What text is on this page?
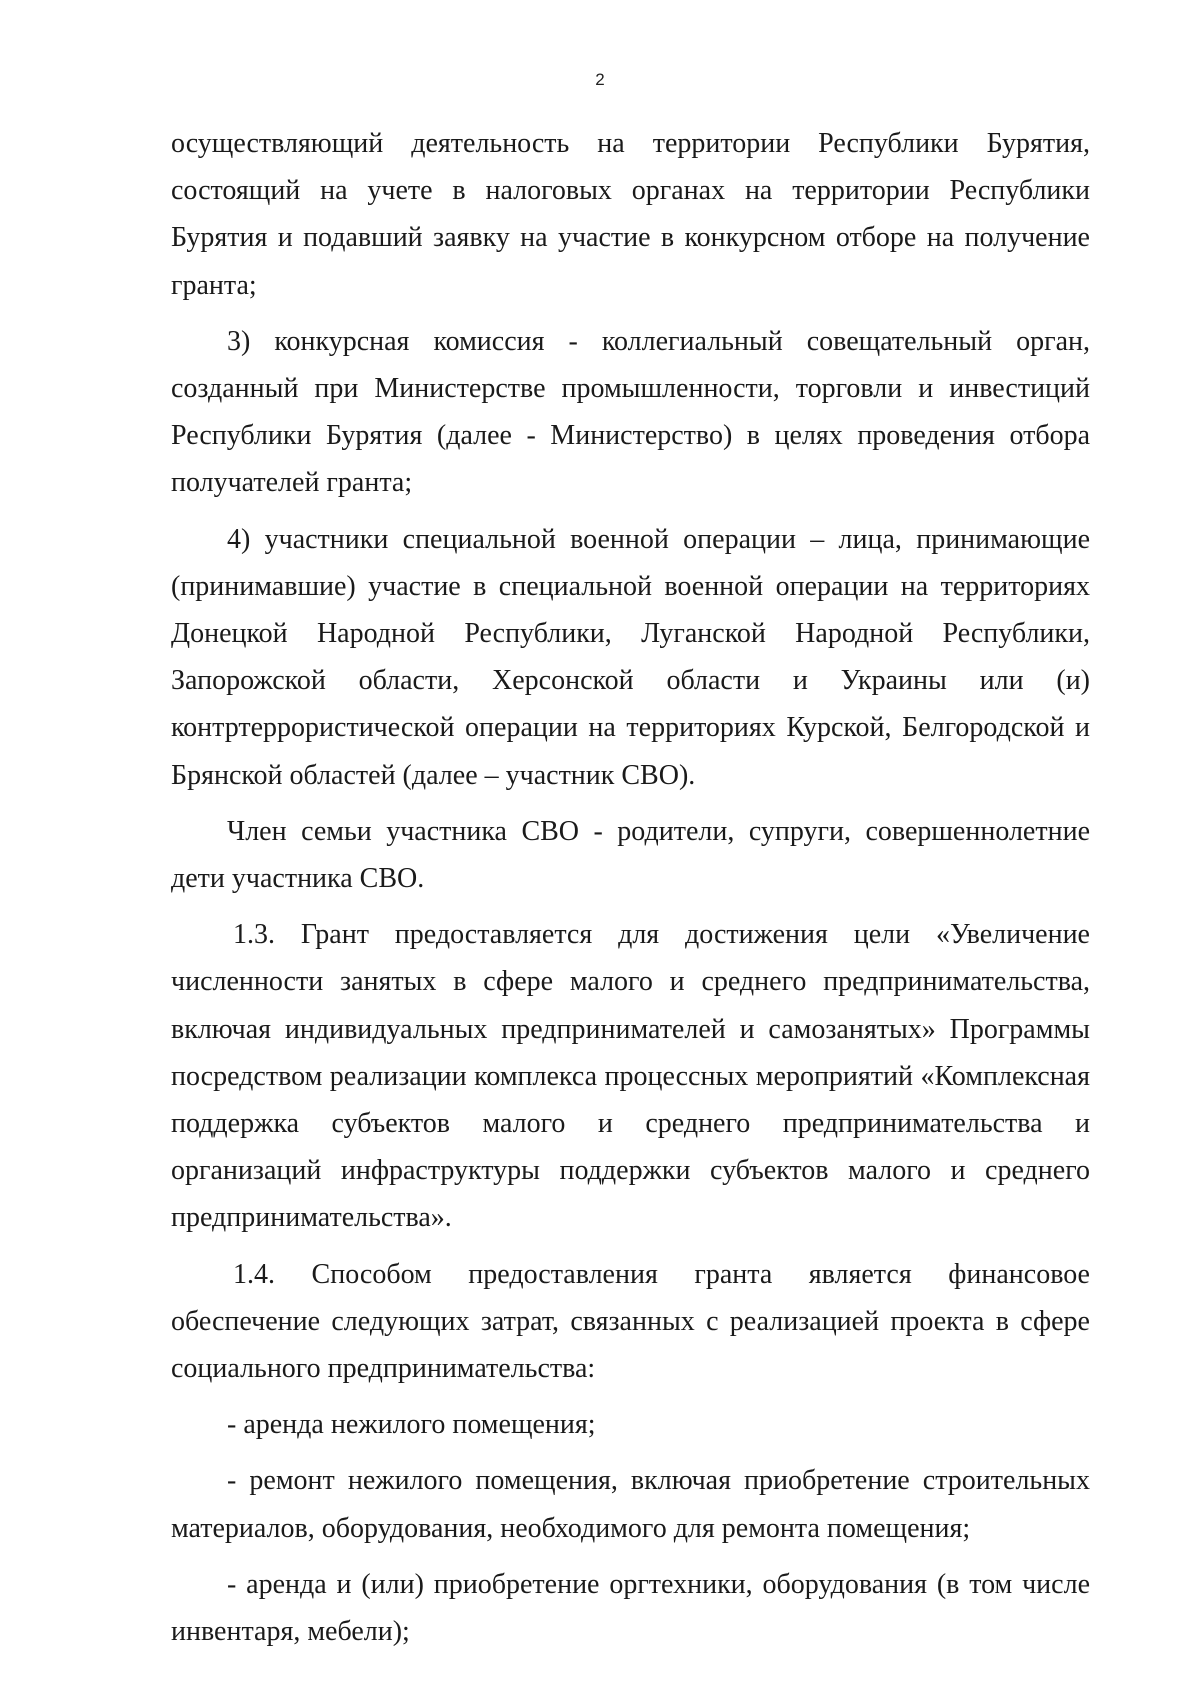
2

осуществляющий деятельность на территории Республики Бурятия, состоящий на учете в налоговых органах на территории Республики Бурятия и подавший заявку на участие в конкурсном отборе на получение гранта;

3) конкурсная комиссия - коллегиальный совещательный орган, созданный при Министерстве промышленности, торговли и инвестиций Республики Бурятия (далее - Министерство) в целях проведения отбора получателей гранта;

4) участники специальной военной операции – лица, принимающие (принимавшие) участие в специальной военной операции на территориях Донецкой Народной Республики, Луганской Народной Республики, Запорожской области, Херсонской области и Украины или (и) контртеррористической операции на территориях Курской, Белгородской и Брянской областей (далее – участник СВО).

Член семьи участника СВО - родители, супруги, совершеннолетние дети участника СВО.

1.3. Грант предоставляется для достижения цели «Увеличение численности занятых в сфере малого и среднего предпринимательства, включая индивидуальных предпринимателей и самозанятых» Программы посредством реализации комплекса процессных мероприятий «Комплексная поддержка субъектов малого и среднего предпринимательства и организаций инфраструктуры поддержки субъектов малого и среднего предпринимательства».

1.4. Способом предоставления гранта является финансовое обеспечение следующих затрат, связанных с реализацией проекта в сфере социального предпринимательства:

- аренда нежилого помещения;

- ремонт нежилого помещения, включая приобретение строительных материалов, оборудования, необходимого для ремонта помещения;

- аренда и (или) приобретение оргтехники, оборудования (в том числе инвентаря, мебели);
